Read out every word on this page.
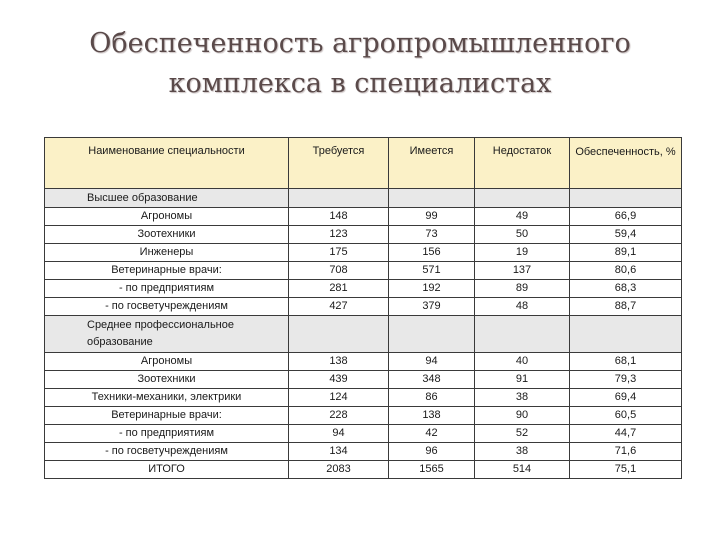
Обеспеченность агропромышленного
комплекса в специалистах
Наименование специальности	Требуется	Имеется	Недостаток	Обеспеченность, %
Высшее образование				
Агрономы	148	99	49	66,9
Зоотехники	123	73	50	59,4
Инженеры	175	156	19	89,1
Ветеринарные врачи:	708	571	137	80,6
- по предприятиям	281	192	89	68,3
- по госветучреждениям	427	379	48	88,7
Среднее профессиональное образование				
Агрономы	138	94	40	68,1
Зоотехники	439	348	91	79,3
Техники-механики, электрики	124	86	38	69,4
Ветеринарные врачи:	228	138	90	60,5
- по предприятиям	94	42	52	44,7
- по госветучреждениям	134	96	38	71,6
ИТОГО	2083	1565	514	75,1
